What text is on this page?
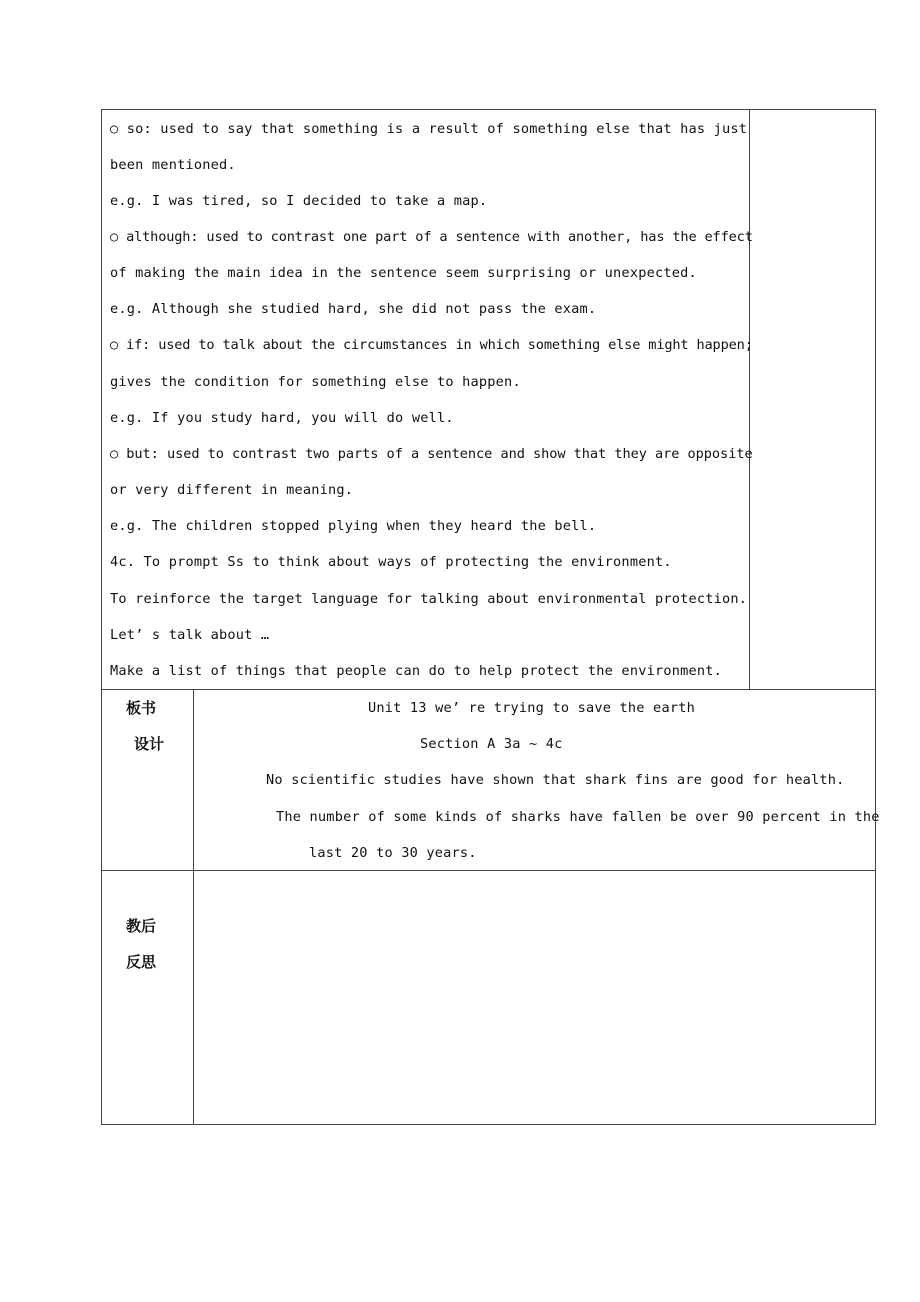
○ so: used to say that something is a result of something else that has just
been mentioned.
e.g. I was tired, so I decided to take a map.
○ although: used to contrast one part of a sentence with another, has the effect
of making the main idea in the sentence seem surprising or unexpected.
e.g. Although she studied hard, she did not pass the exam.
○ if: used to talk about the circumstances in which something else might happen;
gives the condition for something else to happen.
e.g. If you study hard, you will do well.
○ but: used to contrast two parts of a sentence and show that they are opposite
or very different in meaning.
e.g. The children stopped plying when they heard the bell.
4c. To prompt Ss to think about ways of protecting the environment.
To reinforce the target language for talking about environmental protection.
Let’ s talk about …
Make a list of things that people can do to help protect the environment.
板书
设计
Unit 13 we’ re trying to save the earth
Section A 3a ~ 4c
No scientific studies have shown that shark fins are good for health.
The number of some kinds of sharks have fallen be over 90 percent in the
last 20 to 30 years.
教后
反思
